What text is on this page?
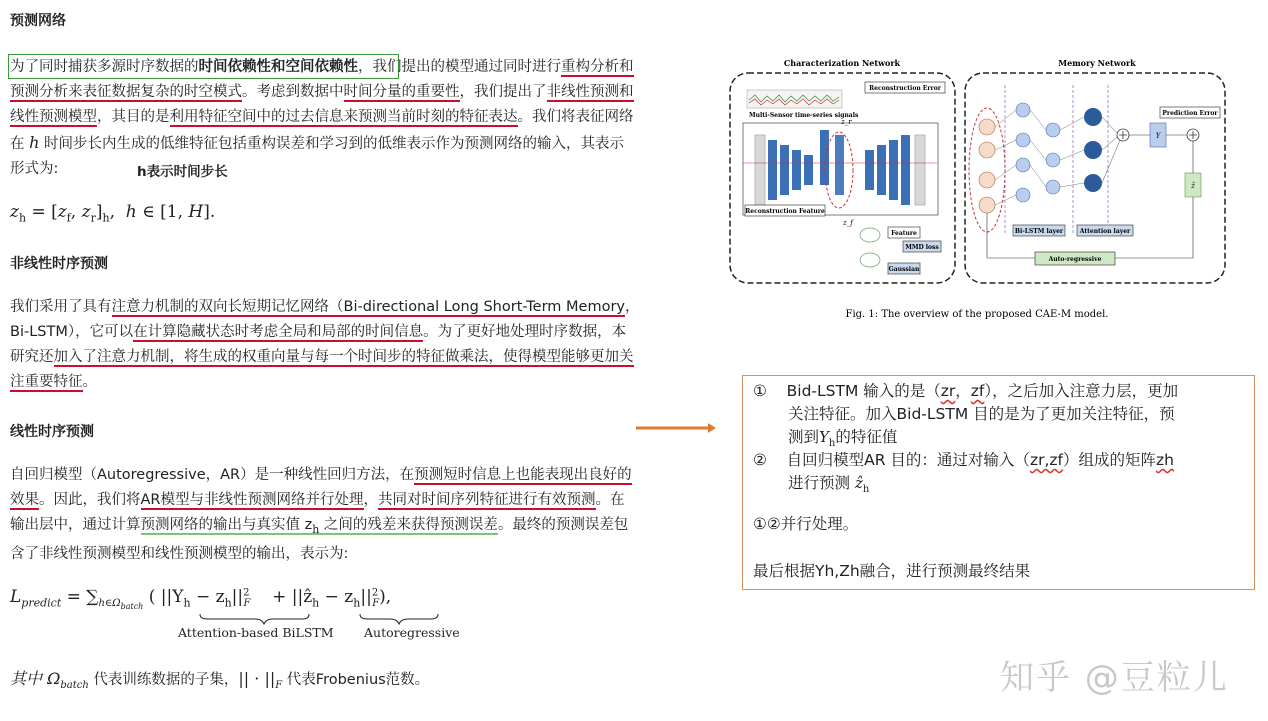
预测网络
为了同时捕获多源时序数据的时间依赖性和空间依赖性，我们提出的模型通过同时进行重构分析和
预测分析来表征数据复杂的时空模式。考虑到数据中时间分量的重要性，我们提出了非线性预测和
线性预测模型，其目的是利用特征空间中的过去信息来预测当前时刻的特征表达。我们将表征网络
在 h 时间步长内生成的低维特征包括重构误差和学习到的低维表示作为预测网络的输入，其表示
形式为:	h表示时间步长
$z_h = [z_f$, $z_r]_h$,  h ∈ [1, H].
非线性时序预测
我们采用了具有注意力机制的双向长短期记忆网络（Bi-directional Long Short-Term Memory，
Bi-LSTM），它可以在计算隐藏状态时考虑全局和局部的时间信息。为了更好地处理时序数据，本
研究还加入了注意力机制，将生成的权重向量与每一个时间步的特征做乘法，使得模型能够更加关
注重要特征。
线性时序预测
自回归模型（Autoregressive，AR）是一种线性回归方法，在预测短时信息上也能表现出良好的
效果。因此，我们将AR模型与非线性预测网络并行处理，共同对时间序列特征进行有效预测。在
输出层中，通过计算预测网络的输出与真实值 $z_h$ 之间的残差来获得预测误差。最终的预测误差包
含了非线性预测模型和线性预测模型的输出，表示为:
$L_{predict} = \sum_{h\in\Omega_{batch}}$ ( $||Y_h - z_h||^2_F$ + ||ẑ$_h$ − $z_h||^2_F$),
Attention-based BiLSTM Autoregressive
其中 $\Omega_{batch}$ 代表训练数据的子集，|| · $||_F$ 代表Frobenius范数。
Characterization Network	Memory Network
Multi-Sensor time-series signals
Reconstruction Error
z_r
z_f
Reconstruction Feature
Feature
MMD loss
Gaussian
Y
Prediction Error
ẑ
Bi-LSTM layer	Attention layer
Auto-regressive
Fig. 1: The overview of the proposed CAE-M model.
① Bid-LSTM 输入的是（zr，zf），之后加入注意力层，更加
关注特征。加入Bid-LSTM 目的是为了更加关注特征，预
测到$Y_h$的特征值
② 自回归模型AR 目的：通过对输入（zr,zf）组成的矩阵zh
进行预测 ẑ$_h$
①②并行处理。
最后根据Yh,Zh融合，进行预测最终结果
知乎 @豆粒儿
